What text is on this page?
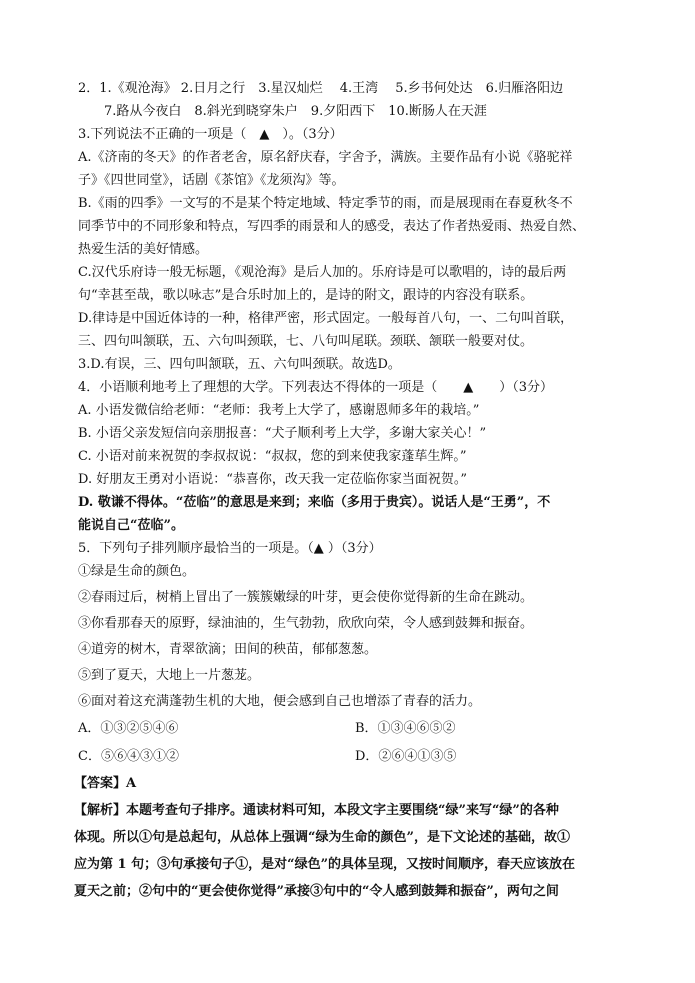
2．1.《观沧海》 2.日月之行　3.星汉灿烂　 4.王湾　 5.乡书何处达　6.归雁洛阳边
　　7.路从今夜白　8.斜光到晓穿朱户　9.夕阳西下　10.断肠人在天涯
3.下列说法不正确的一项是（　▲　）。（3分）
A.《济南的冬天》的作者老舍，原名舒庆春，字舍予，满族。主要作品有小说《骆驼祥
子》《四世同堂》，话剧《茶馆》《龙须沟》等。
B.《雨的四季》一文写的不是某个特定地域、特定季节的雨，而是展现雨在春夏秋冬不
同季节中的不同形象和特点，写四季的雨景和人的感受，表达了作者热爱雨、热爱自然、
热爱生活的美好情感。
C.汉代乐府诗一般无标题，《观沧海》是后人加的。乐府诗是可以歌唱的，诗的最后两
句“幸甚至哉，歌以咏志”是合乐时加上的，是诗的附文，跟诗的内容没有联系。
D.律诗是中国近体诗的一种，格律严密，形式固定。一般每首八句，一、二句叫首联，
三、四句叫颔联，五、六句叫颈联，七、八句叫尾联。颈联、颔联一般要对仗。
3.D.有误，三、四句叫颔联，五、六句叫颈联。故选D。
4．小语顺利地考上了理想的大学。下列表达不得体的一项是（　　▲　　）（3分）
A. 小语发微信给老师：“老师：我考上大学了，感谢恩师多年的栽培。”
B. 小语父亲发短信向亲朋报喜：“犬子顺利考上大学，多谢大家关心！”
C. 小语对前来祝贺的李叔叔说：“叔叔，您的到来使我家蓬荜生辉。”
D. 好朋友王勇对小语说：“恭喜你，改天我一定莅临你家当面祝贺。”
D. 敬谦不得体。“莅临”的意思是来到；来临（多用于贵宾）。说话人是“王勇”，不
能说自己“莅临”。
5．下列句子排列顺序最恰当的一项是。（▲ ）（3分）
①绿是生命的颜色。
②春雨过后，树梢上冒出了一簇簇嫩绿的叶芽，更会使你觉得新的生命在跳动。
③你看那春天的原野，绿油油的，生气勃勃，欣欣向荣，令人感到鼓舞和振奋。
④道旁的树木，青翠欲滴；田间的秧苗，郁郁葱葱。
⑤到了夏天，大地上一片葱茏。
⑥面对着这充满蓬勃生机的大地，便会感到自己也增添了青春的活力。
A．①③②⑤④⑥	B．①③④⑥⑤②
C．⑤⑥④③①②	D．②⑥④①③⑤
【答案】A
【解析】本题考查句子排序。通读材料可知，本段文字主要围绕“绿”来写“绿”的各种
体现。所以①句是总起句，从总体上强调“绿为生命的颜色”，是下文论述的基础，故①
应为第 1 句；③句承接句子①，是对“绿色”的具体呈现，又按时间顺序，春天应该放在
夏天之前；②句中的“更会使你觉得”承接③句中的“令人感到鼓舞和振奋”，两句之间
